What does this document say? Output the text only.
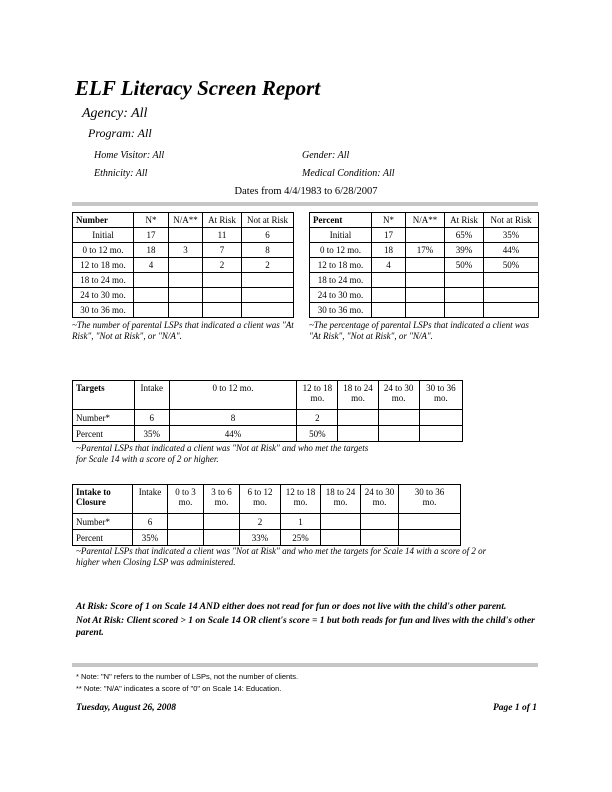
ELF Literacy Screen Report
Agency: All
Program: All
Home Visitor: All	Gender: All
Ethnicity: All	Medical Condition: All
Dates from 4/4/1983 to 6/28/2007
Number	N*	N/A**	At Risk	Not at Risk
Initial	17		11	6
0 to 12 mo.	18	3	7	8
12 to 18 mo.	4		2	2
18 to 24 mo.				
24 to 30 mo.				
30 to 36 mo.				
~The number of parental LSPs that indicated a client was "At Risk", "Not at Risk", or "N/A".
Percent	N*	N/A**	At Risk	Not at Risk
Initial	17		65%	35%
0 to 12 mo.	18	17%	39%	44%
12 to 18 mo.	4		50%	50%
18 to 24 mo.				
24 to 30 mo.				
30 to 36 mo.				
~The percentage of parental LSPs that indicated a client was "At Risk", "Not at Risk", or "N/A".
Targets	Intake	0 to 12 mo.	12 to 18 mo.	18 to 24 mo.	24 to 30 mo.	30 to 36 mo.
Number*	6	8	2			
Percent	35%	44%	50%			
~Parental LSPs that indicated a client was "Not at Risk" and who met the targets for Scale 14 with a score of 2 or higher.
Intake to Closure	Intake	0 to 3 mo.	3 to 6 mo.	6 to 12 mo.	12 to 18 mo.	18 to 24 mo.	24 to 30 mo.	30 to 36 mo.
Number*	6			2	1			
Percent	35%			33%	25%			
~Parental LSPs that indicated a client was "Not at Risk" and who met the targets for Scale 14 with a score of 2 or higher when Closing LSP was administered.
At Risk: Score of 1 on Scale 14 AND either does not read for fun or does not live with the child's other parent.
Not At Risk: Client scored > 1 on Scale 14 OR client's score = 1 but both reads for fun and lives with the child's other parent.
* Note: "N" refers to the number of LSPs, not the number of clients.
** Note: "N/A" indicates a score of "0" on Scale 14: Education.
Tuesday, August 26, 2008	Page 1 of 1
